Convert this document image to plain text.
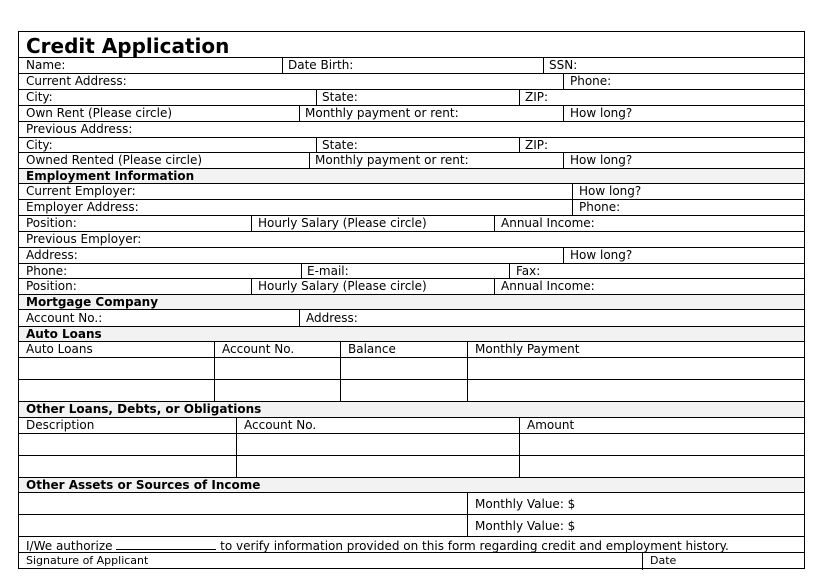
Credit Application
Name:	Date Birth:	SSN:
Current Address:	Phone:
City:	State:	ZIP:
Own Rent (Please circle)	Monthly payment or rent:	How long?
Previous Address:
City:	State:	ZIP:
Owned Rented (Please circle)	Monthly payment or rent:	How long?
Employment Information
Current Employer:	How long?
Employer Address:	Phone:
Position:	Hourly Salary (Please circle)	Annual Income:
Previous Employer:
Address:	How long?
Phone:	E-mail:	Fax:
Position:	Hourly Salary (Please circle)	Annual Income:
Mortgage Company
Account No.:	Address:
Auto Loans
Auto Loans	Account No.	Balance	Monthly Payment
Other Loans, Debts, or Obligations
Description	Account No.	Amount
Other Assets or Sources of Income
Monthly Value: $
Monthly Value: $
I/We authorize	to verify information provided on this form regarding credit and employment history.
Signature of Applicant	Date
